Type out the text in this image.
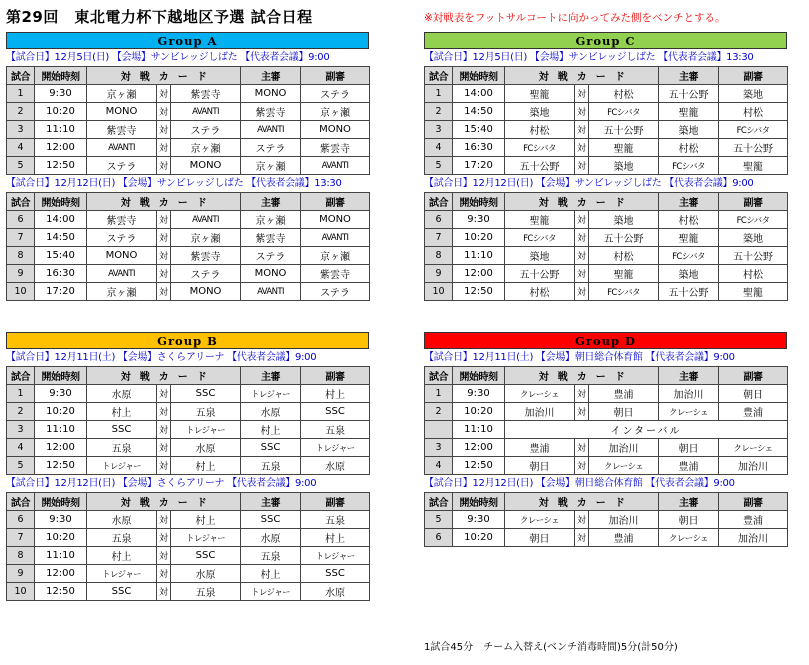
第29回　東北電力杯下越地区予選 試合日程	※対戦表をフットサルコートに向かってみた側をベンチとする。
Group A
【試合日】12月5日(日) 【会場】サンビレッジしばた 【代表者会議】9:00
試合	開始時刻	対　戦　カ　ー　ド			主審	副審
1	9:30	京ヶ瀬	対	紫雲寺	MONO	ステラ
2	10:20	MONO	対	AVANTI	紫雲寺	京ヶ瀬
3	11:10	紫雲寺	対	ステラ	AVANTI	MONO
4	12:00	AVANTI	対	京ヶ瀬	ステラ	紫雲寺
5	12:50	ステラ	対	MONO	京ヶ瀬	AVANTI
【試合日】12月12日(日) 【会場】サンビレッジしばた 【代表者会議】13:30
試合	開始時刻	対　戦　カ　ー　ド			主審	副審
6	14:00	紫雲寺	対	AVANTI	京ヶ瀬	MONO
7	14:50	ステラ	対	京ヶ瀬	紫雲寺	AVANTI
8	15:40	MONO	対	紫雲寺	ステラ	京ヶ瀬
9	16:30	AVANTI	対	ステラ	MONO	紫雲寺
10	17:20	京ヶ瀬	対	MONO	AVANTI	ステラ
Group C
【試合日】12月5日(日) 【会場】サンビレッジしばた 【代表者会議】13:30
試合	開始時刻	対　戦　カ　ー　ド			主審	副審
1	14:00	聖籠	対	村松	五十公野	築地
2	14:50	築地	対	FCシバタ	聖籠	村松
3	15:40	村松	対	五十公野	築地	FCシバタ
4	16:30	FCシバタ	対	聖籠	村松	五十公野
5	17:20	五十公野	対	築地	FCシバタ	聖籠
【試合日】12月12日(日) 【会場】サンビレッジしばた 【代表者会議】9:00
試合	開始時刻	対　戦　カ　ー　ド			主審	副審
6	9:30	聖籠	対	築地	村松	FCシバタ
7	10:20	FCシバタ	対	五十公野	聖籠	築地
8	11:10	築地	対	村松	FCシバタ	五十公野
9	12:00	五十公野	対	聖籠	築地	村松
10	12:50	村松	対	FCシバタ	五十公野	聖籠
Group B
【試合日】12月11日(土) 【会場】さくらアリーナ 【代表者会議】9:00
試合	開始時刻	対　戦　カ　ー　ド			主審	副審
1	9:30	水原	対	SSC	トレジャー	村上
2	10:20	村上	対	五泉	水原	SSC
3	11:10	SSC	対	トレジャー	村上	五泉
4	12:00	五泉	対	水原	SSC	トレジャー
5	12:50	トレジャー	対	村上	五泉	水原
【試合日】12月12日(日) 【会場】さくらアリーナ 【代表者会議】9:00
試合	開始時刻	対　戦　カ　ー　ド			主審	副審
6	9:30	水原	対	村上	SSC	五泉
7	10:20	五泉	対	トレジャー	水原	村上
8	11:10	村上	対	SSC	五泉	トレジャー
9	12:00	トレジャー	対	水原	村上	SSC
10	12:50	SSC	対	五泉	トレジャー	水原
Group D
【試合日】12月11日(土) 【会場】朝日総合体育館 【代表者会議】9:00
試合	開始時刻	対　戦　カ　ー　ド			主審	副審
1	9:30	クレーシェ	対	豊浦	加治川	朝日
2	10:20	加治川	対	朝日	クレーシェ	豊浦
	11:10	インターバル				
3	12:00	豊浦	対	加治川	朝日	クレーシェ
4	12:50	朝日	対	クレーシェ	豊浦	加治川
【試合日】12月12日(日) 【会場】朝日総合体育館 【代表者会議】9:00
試合	開始時刻	対　戦　カ　ー　ド			主審	副審
5	9:30	クレーシェ	対	加治川	朝日	豊浦
6	10:20	朝日	対	豊浦	クレーシェ	加治川
1試合45分　チーム入替え(ベンチ消毒時間)5分(計50分)
